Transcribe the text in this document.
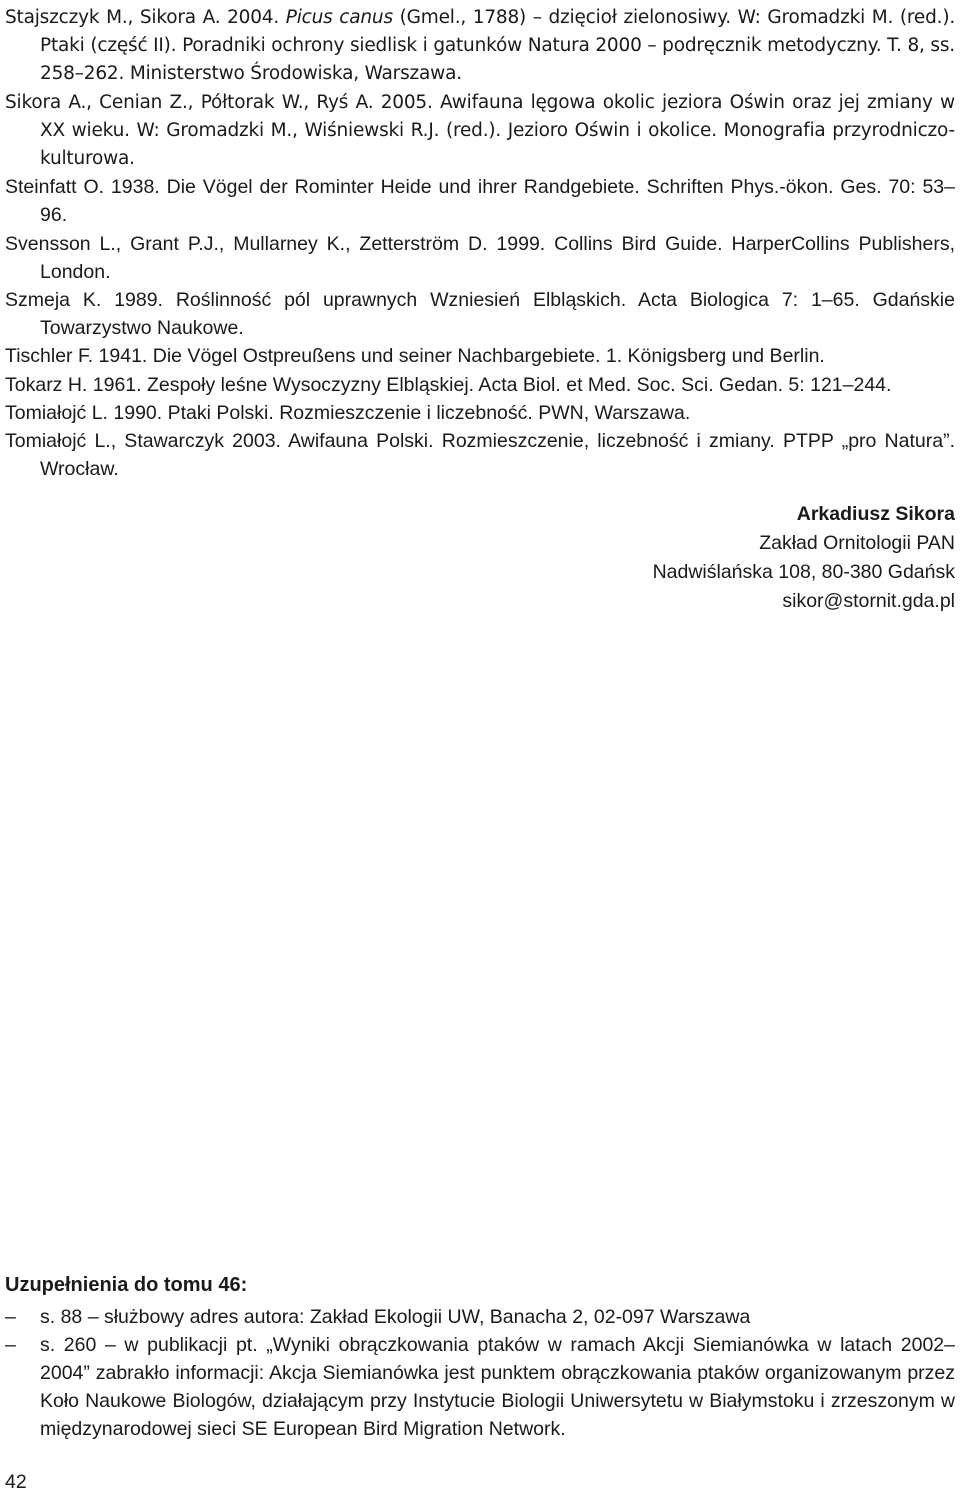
Stajszczyk M., Sikora A. 2004. Picus canus (Gmel., 1788) – dzięcioł zielonosiwy. W: Gromadzki M. (red.). Ptaki (część II). Poradniki ochrony siedlisk i gatunków Natura 2000 – podręcznik metodyczny. T. 8, ss. 258–262. Ministerstwo Środowiska, Warszawa.
Sikora A., Cenian Z., Półtorak W., Ryś A. 2005. Awifauna lęgowa okolic jeziora Oświn oraz jej zmiany w XX wieku. W: Gromadzki M., Wiśniewski R.J. (red.). Jezioro Oświn i okolice. Monografia przyrodniczo-kulturowa.
Steinfatt O. 1938. Die Vögel der Rominter Heide und ihrer Randgebiete. Schriften Phys.-ökon. Ges. 70: 53–96.
Svensson L., Grant P.J., Mullarney K., Zetterström D. 1999. Collins Bird Guide. HarperCollins Publishers, London.
Szmeja K. 1989. Roślinność pól uprawnych Wzniesień Elbląskich. Acta Biologica 7: 1–65. Gdańskie Towarzystwo Naukowe.
Tischler F. 1941. Die Vögel Ostpreußens und seiner Nachbargebiete. 1. Königsberg und Berlin.
Tokarz H. 1961. Zespoły leśne Wysoczyzny Elbląskiej. Acta Biol. et Med. Soc. Sci. Gedan. 5: 121–244.
Tomiałojć L. 1990. Ptaki Polski. Rozmieszczenie i liczebność. PWN, Warszawa.
Tomiałojć L., Stawarczyk 2003. Awifauna Polski. Rozmieszczenie, liczebność i zmiany. PTPP „pro Natura”. Wrocław.
Arkadiusz Sikora
Zakład Ornitologii PAN
Nadwiślańska 108, 80-380 Gdańsk
sikor@stornit.gda.pl
Uzupełnienia do tomu 46:
–	s. 88 – służbowy adres autora: Zakład Ekologii UW, Banacha 2, 02-097 Warszawa
–	s. 260 – w publikacji pt. „Wyniki obrączkowania ptaków w ramach Akcji Siemianówka w latach 2002–2004” zabrakło informacji: Akcja Siemianówka jest punktem obrączkowania ptaków organizowanym przez Koło Naukowe Biologów, działającym przy Instytucie Biologii Uniwersytetu w Białymstoku i zrzeszonym w międzynarodowej sieci SE European Bird Migration Network.
42
